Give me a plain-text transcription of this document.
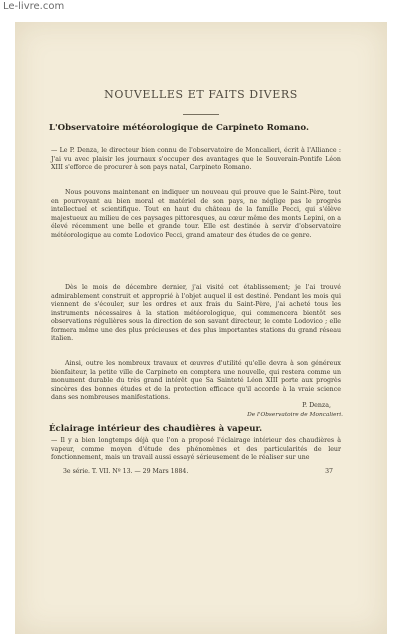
Le-livre.com
NOUVELLES ET FAITS DIVERS
L'Observatoire météorologique de Carpineto Romano.
— Le P. Denza, le directeur bien connu de l'observatoire de Moncalieri, écrit à l'Alliance : J'ai vu avec plaisir les journaux s'occuper des avantages que le Souverain-Pontife Léon XIII s'efforce de procurer à son pays natal, Carpineto Romano.
Nous pouvons maintenant en indiquer un nouveau qui prouve que le Saint-Père, tout en pourvoyant au bien moral et matériel de son pays, ne néglige pas le progrès intellectuel et scientifique. Tout en haut du château de la famille Pecci, qui s'élève majestueux au milieu de ces paysages pittoresques, au cœur même des monts Lepini, on a élevé récemment une belle et grande tour. Elle est destinée à servir d'observatoire météorologique au comte Lodovico Pecci, grand amateur des études de ce genre.
Dès le mois de décembre dernier, j'ai visité cet établissement; je l'ai trouvé admirablement construit et approprié à l'objet auquel il est destiné. Pendant les mois qui viennent de s'écouler, sur les ordres et aux frais du Saint-Père, j'ai acheté tous les instruments nécessaires à la station météorologique, qui commencera bientôt ses observations régulières sous la direction de son savant directeur, le comte Lodovico ; elle formera même une des plus précieuses et des plus importantes stations du grand réseau italien.
Ainsi, outre les nombreux travaux et œuvres d'utilité qu'elle devra à son généreux bienfaiteur, la petite ville de Carpineto en comptera une nouvelle, qui restera comme un monument durable du très grand intérêt que Sa Sainteté Léon XIII porte aux progrès sincères des bonnes études et de la protection efficace qu'il accorde à la vraie science dans ses nombreuses manifestations.
P. Denza,
De l'Observatoire de Moncalieri.
Éclairage intérieur des chaudières à vapeur.
— Il y a bien longtemps déjà que l'on a proposé l'éclairage intérieur des chaudières à vapeur, comme moyen d'étude des phénomènes et des particularités de leur fonctionnement, mais un travail aussi essayé sérieusement de le réaliser sur une
3e série. T. VII. Nº 13. — 29 Mars 1884.	37
